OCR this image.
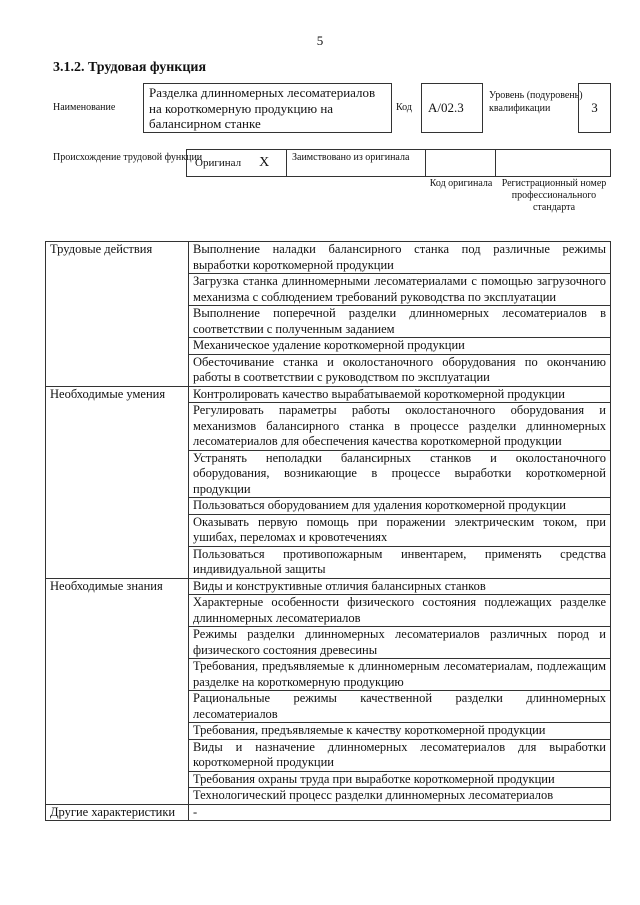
5
3.1.2. Трудовая функция
Наименование
Разделка длинномерных лесоматериалов на короткомерную продукцию на балансирном станке
Код	А/02.3
Уровень (подуровень) квалификации	3
Происхождение трудовой функции
Оригинал X	Заимствовано из оригинала
Код оригинала Регистрационный номер профессионального стандарта
Трудовые действия	Выполнение наладки балансирного станка под различные режимы выработки короткомерной продукции
	Загрузка станка длинномерными лесоматериалами с помощью загрузочного механизма с соблюдением требований руководства по эксплуатации
	Выполнение поперечной разделки длинномерных лесоматериалов в соответствии с полученным заданием
	Механическое удаление короткомерной продукции
	Обесточивание станка и околостаночного оборудования по окончанию работы в соответствии с руководством по эксплуатации
Необходимые умения	Контролировать качество вырабатываемой короткомерной продукции
	Регулировать параметры работы околостаночного оборудования и механизмов балансирного станка в процессе разделки длинномерных лесоматериалов для обеспечения качества короткомерной продукции
	Устранять неполадки балансирных станков и околостаночного оборудования, возникающие в процессе выработки короткомерной продукции
	Пользоваться оборудованием для удаления короткомерной продукции
	Оказывать первую помощь при поражении электрическим током, при ушибах, переломах и кровотечениях
	Пользоваться противопожарным инвентарем, применять средства индивидуальной защиты
Необходимые знания	Виды и конструктивные отличия балансирных станков
	Характерные особенности физического состояния подлежащих разделке длинномерных лесоматериалов
	Режимы разделки длинномерных лесоматериалов различных пород и физического состояния древесины
	Требования, предъявляемые к длинномерным лесоматериалам, подлежащим разделке на короткомерную продукцию
	Рациональные режимы качественной разделки длинномерных лесоматериалов
	Требования, предъявляемые к качеству короткомерной продукции
	Виды и назначение длинномерных лесоматериалов для выработки короткомерной продукции
	Требования охраны труда при выработке короткомерной продукции
	Технологический процесс разделки длинномерных лесоматериалов
Другие характеристики	-
